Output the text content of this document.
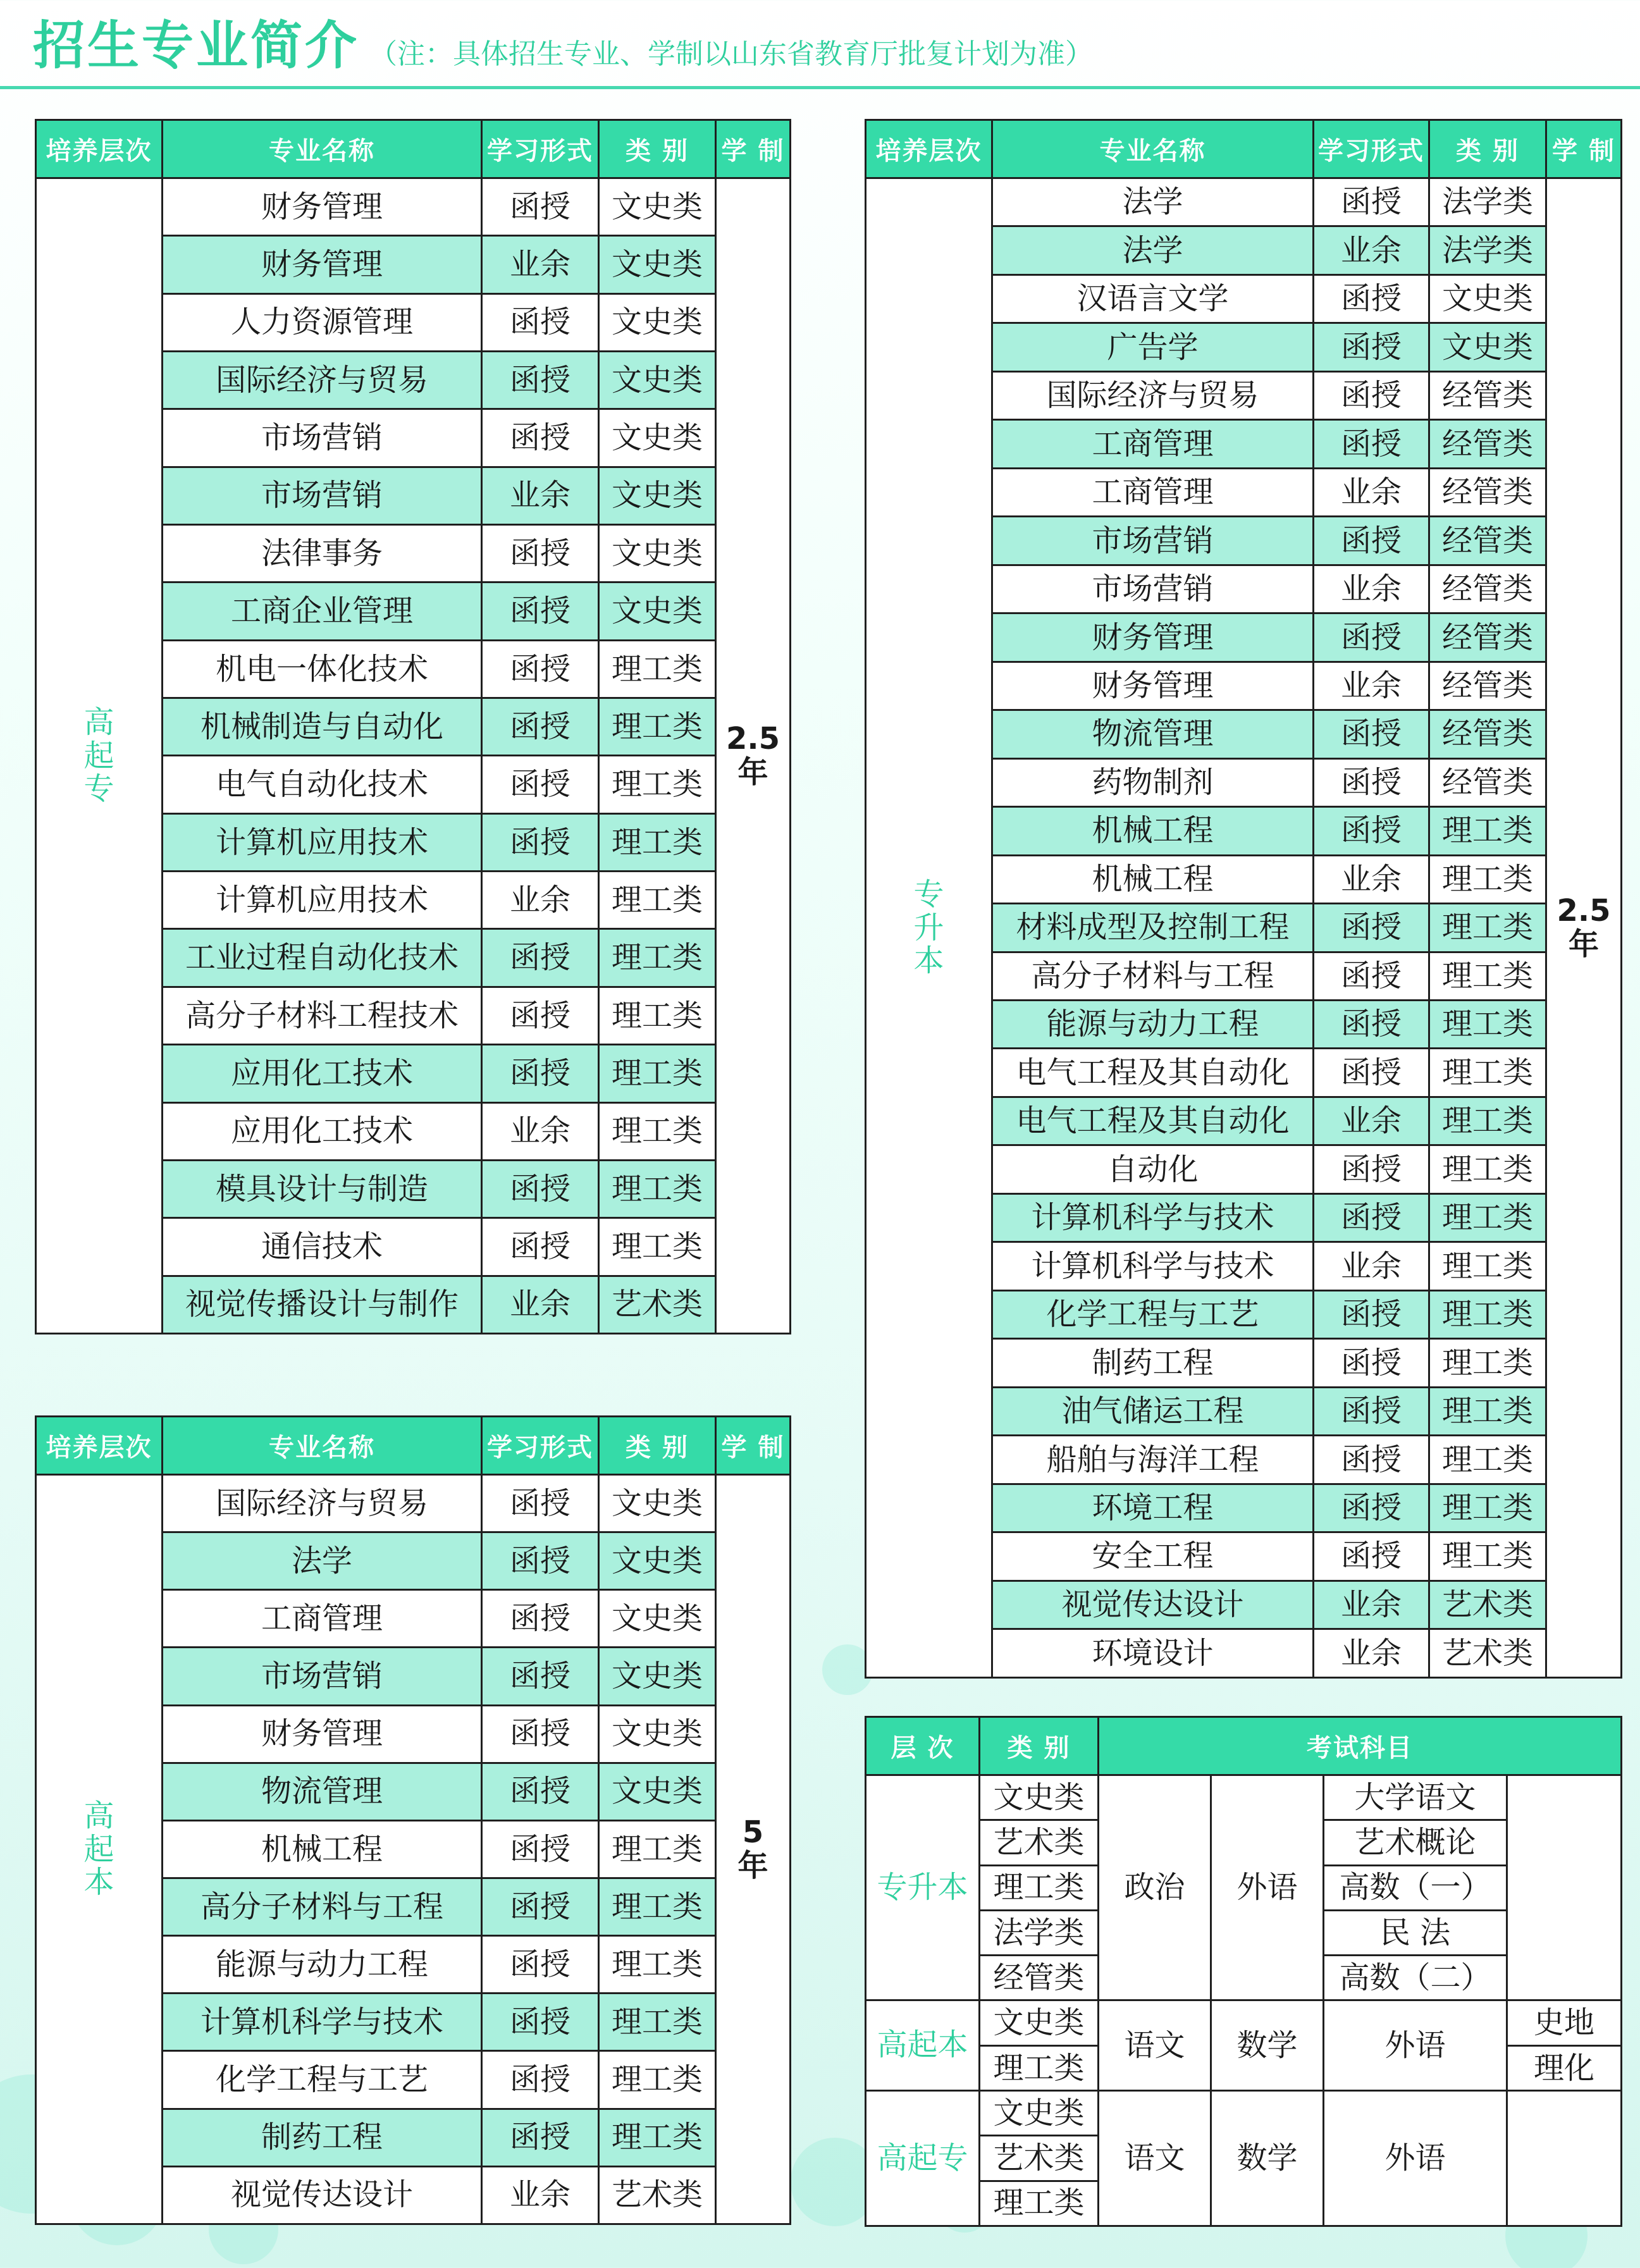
招生专业简介 （注：具体招生专业、学制以山东省教育厅批复计划为准）
培养层次	专业名称	学习形式	类 别	学 制
高
起
专	财务管理	函授	文史类	2.5
年
	财务管理	业余	文史类	
	人力资源管理	函授	文史类	
	国际经济与贸易	函授	文史类	
	市场营销	函授	文史类	
	市场营销	业余	文史类	
	法律事务	函授	文史类	
	工商企业管理	函授	文史类	
	机电一体化技术	函授	理工类	
	机械制造与自动化	函授	理工类	
	电气自动化技术	函授	理工类	
	计算机应用技术	函授	理工类	
	计算机应用技术	业余	理工类	
	工业过程自动化技术	函授	理工类	
	高分子材料工程技术	函授	理工类	
	应用化工技术	函授	理工类	
	应用化工技术	业余	理工类	
	模具设计与制造	函授	理工类	
	通信技术	函授	理工类	
	视觉传播设计与制作	业余	艺术类	
培养层次	专业名称	学习形式	类 别	学 制
高
起
本	国际经济与贸易	函授	文史类	5
年
	法学	函授	文史类	
	工商管理	函授	文史类	
	市场营销	函授	文史类	
	财务管理	函授	文史类	
	物流管理	函授	文史类	
	机械工程	函授	理工类	
	高分子材料与工程	函授	理工类	
	能源与动力工程	函授	理工类	
	计算机科学与技术	函授	理工类	
	化学工程与工艺	函授	理工类	
	制药工程	函授	理工类	
	视觉传达设计	业余	艺术类	
培养层次	专业名称	学习形式	类 别	学 制
专
升
本	法学	函授	法学类	2.5
年
	法学	业余	法学类	
	汉语言文学	函授	文史类	
	广告学	函授	文史类	
	国际经济与贸易	函授	经管类	
	工商管理	函授	经管类	
	工商管理	业余	经管类	
	市场营销	函授	经管类	
	市场营销	业余	经管类	
	财务管理	函授	经管类	
	财务管理	业余	经管类	
	物流管理	函授	经管类	
	药物制剂	函授	经管类	
	机械工程	函授	理工类	
	机械工程	业余	理工类	
	材料成型及控制工程	函授	理工类	
	高分子材料与工程	函授	理工类	
	能源与动力工程	函授	理工类	
	电气工程及其自动化	函授	理工类	
	电气工程及其自动化	业余	理工类	
	自动化	函授	理工类	
	计算机科学与技术	函授	理工类	
	计算机科学与技术	业余	理工类	
	化学工程与工艺	函授	理工类	
	制药工程	函授	理工类	
	油气储运工程	函授	理工类	
	船舶与海洋工程	函授	理工类	
	环境工程	函授	理工类	
	安全工程	函授	理工类	
	视觉传达设计	业余	艺术类	
	环境设计	业余	艺术类	
层 次	类 别	考试科目			
专升本	文史类	政治	外语	大学语文	
	艺术类			艺术概论	
	理工类			高数（一）	
	法学类			民 法	
	经管类			高数（二）	
高起本	文史类	语文	数学	外语	史地
	理工类				理化
高起专	文史类	语文	数学	外语	
	艺术类				
	理工类				
